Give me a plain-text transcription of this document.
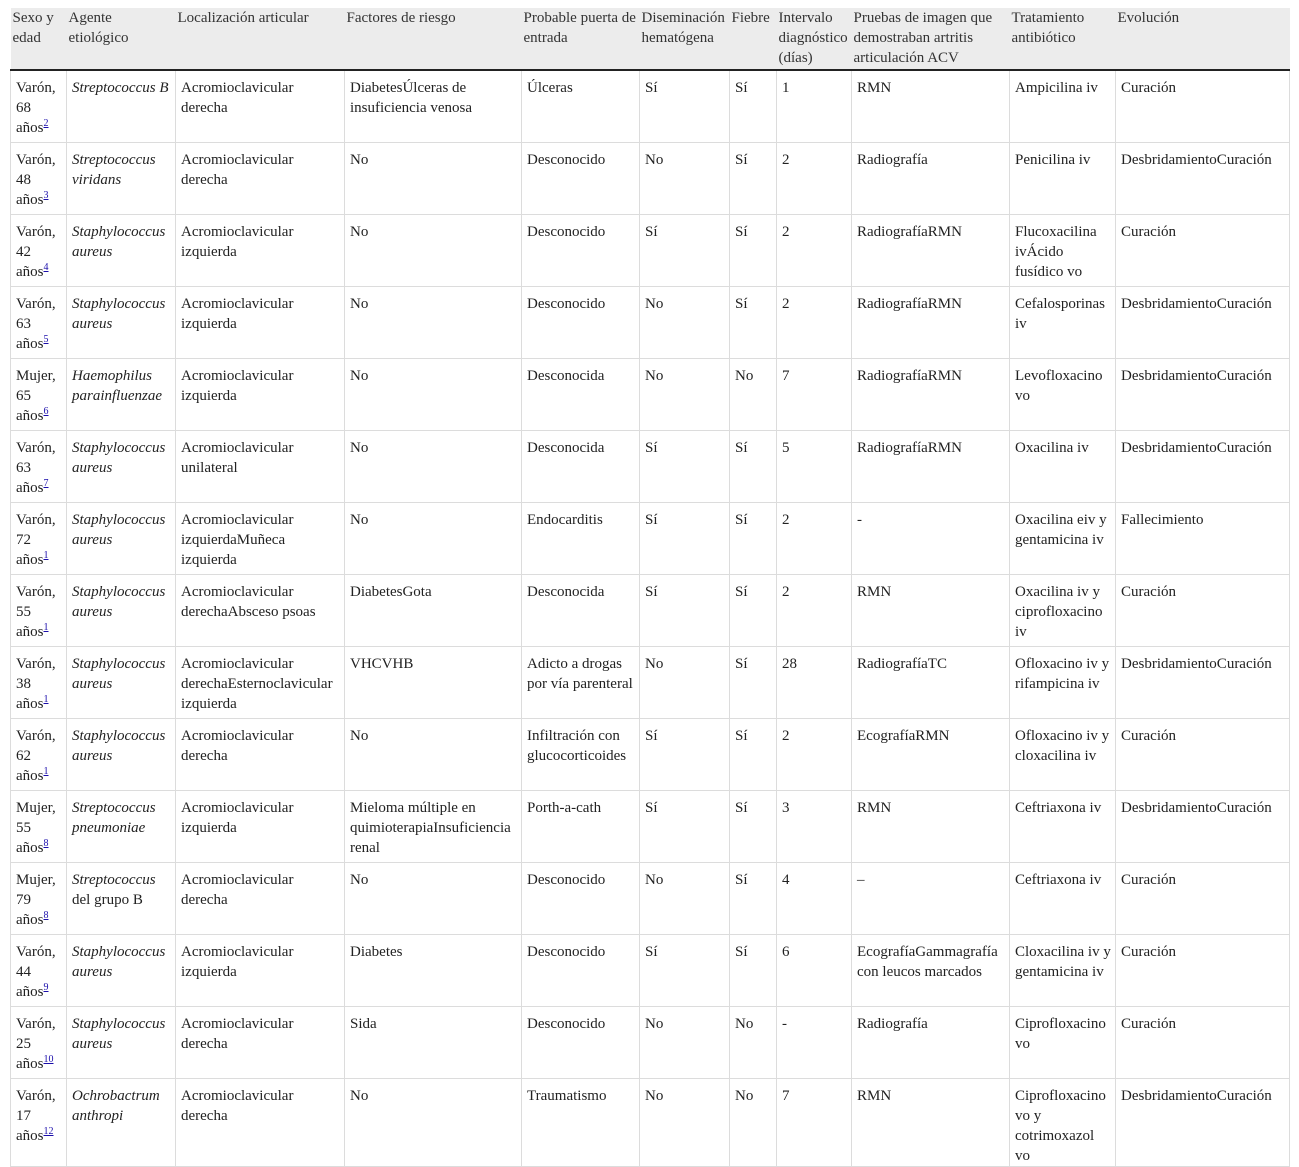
Sexo y edad	Agente etiológico	Localización articular	Factores de riesgo	Probable puerta de entrada	Diseminación hematógena	Fiebre	Intervalo diagnóstico (días)	Pruebas de imagen que demostraban artritis articulación ACV	Tratamiento antibiótico	Evolución
Varón, 68 años$^2$	Streptococcus B	Acromioclavicular derecha	DiabetesÚlceras de insuficiencia venosa	Úlceras	Sí	Sí	1	RMN	Ampicilina iv	Curación
Varón, 48 años$^3$	Streptococcus viridans	Acromioclavicular derecha	No	Desconocido	No	Sí	2	Radiografía	Penicilina iv	DesbridamientoCuración
Varón, 42 años$^4$	Staphylococcus aureus	Acromioclavicular izquierda	No	Desconocido	Sí	Sí	2	RadiografíaRMN	Flucoxacilina ivÁcido fusídico vo	Curación
Varón, 63 años$^5$	Staphylococcus aureus	Acromioclavicular izquierda	No	Desconocido	No	Sí	2	RadiografíaRMN	Cefalosporinas iv	DesbridamientoCuración
Mujer, 65 años$^6$	Haemophilus parainfluenzae	Acromioclavicular izquierda	No	Desconocida	No	No	7	RadiografíaRMN	Levofloxacino vo	DesbridamientoCuración
Varón, 63 años$^7$	Staphylococcus aureus	Acromioclavicular unilateral	No	Desconocida	Sí	Sí	5	RadiografíaRMN	Oxacilina iv	DesbridamientoCuración
Varón, 72 años$^1$	Staphylococcus aureus	Acromioclavicular izquierdaMuñeca izquierda	No	Endocarditis	Sí	Sí	2	-	Oxacilina eiv y gentamicina iv	Fallecimiento
Varón, 55 años$^1$	Staphylococcus aureus	Acromioclavicular derechaAbsceso psoas	DiabetesGota	Desconocida	Sí	Sí	2	RMN	Oxacilina iv y ciprofloxacino iv	Curación
Varón, 38 años$^1$	Staphylococcus aureus	Acromioclavicular derechaEsternoclavicular izquierda	VHCVHB	Adicto a drogas por vía parenteral	No	Sí	28	RadiografíaTC	Ofloxacino iv y rifampicina iv	DesbridamientoCuración
Varón, 62 años$^1$	Staphylococcus aureus	Acromioclavicular derecha	No	Infiltración con glucocorticoides	Sí	Sí	2	EcografíaRMN	Ofloxacino iv y cloxacilina iv	Curación
Mujer, 55 años$^8$	Streptococcus pneumoniae	Acromioclavicular izquierda	Mieloma múltiple en quimioterapiaInsuficiencia renal	Porth-a-cath	Sí	Sí	3	RMN	Ceftriaxona iv	DesbridamientoCuración
Mujer, 79 años$^8$	Streptococcus del grupo B	Acromioclavicular derecha	No	Desconocido	No	Sí	4	–	Ceftriaxona iv	Curación
Varón, 44 años$^9$	Staphylococcus aureus	Acromioclavicular izquierda	Diabetes	Desconocido	Sí	Sí	6	EcografíaGammagrafía con leucos marcados	Cloxacilina iv y gentamicina iv	Curación
Varón, 25 años$^{10}$	Staphylococcus aureus	Acromioclavicular derecha	Sida	Desconocido	No	No	-	Radiografía	Ciprofloxacino vo	Curación
Varón, 17 años$^{12}$	Ochrobactrum anthropi	Acromioclavicular derecha	No	Traumatismo	No	No	7	RMN	Ciprofloxacino vo y cotrimoxazol vo	DesbridamientoCuración
